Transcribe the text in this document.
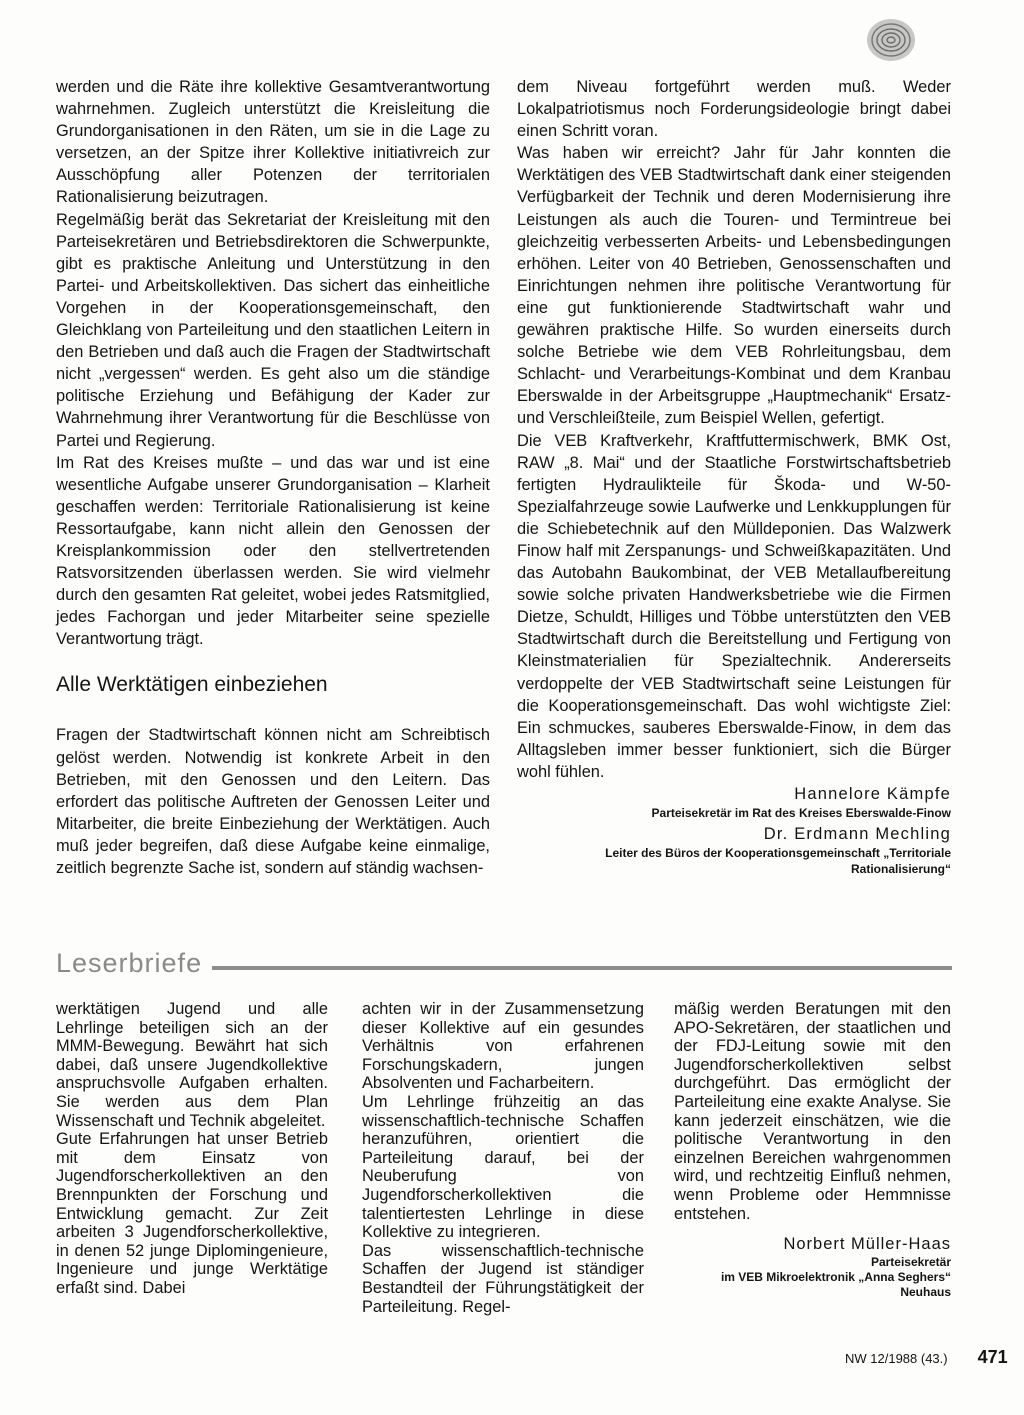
werden und die Räte ihre kollektive Gesamtverantwortung wahrnehmen. Zugleich unterstützt die Kreisleitung die Grundorganisationen in den Räten, um sie in die Lage zu versetzen, an der Spitze ihrer Kollektive initiativreich zur Ausschöpfung aller Potenzen der territorialen Rationalisierung beizutragen.

Regelmäßig berät das Sekretariat der Kreisleitung mit den Parteisekretären und Betriebsdirektoren die Schwerpunkte, gibt es praktische Anleitung und Unterstützung in den Partei- und Arbeitskollektiven. Das sichert das einheitliche Vorgehen in der Kooperationsgemeinschaft, den Gleichklang von Parteileitung und den staatlichen Leitern in den Betrieben und daß auch die Fragen der Stadtwirtschaft nicht „vergessen“ werden. Es geht also um die ständige politische Erziehung und Befähigung der Kader zur Wahrnehmung ihrer Verantwortung für die Beschlüsse von Partei und Regierung.

Im Rat des Kreises mußte – und das war und ist eine wesentliche Aufgabe unserer Grundorganisation – Klarheit geschaffen werden: Territoriale Rationalisierung ist keine Ressortaufgabe, kann nicht allein den Genossen der Kreisplankommission oder den stellvertretenden Ratsvorsitzenden überlassen werden. Sie wird vielmehr durch den gesamten Rat geleitet, wobei jedes Ratsmitglied, jedes Fachorgan und jeder Mitarbeiter seine spezielle Verantwortung trägt.

Alle Werktätigen einbeziehen

Fragen der Stadtwirtschaft können nicht am Schreibtisch gelöst werden. Notwendig ist konkrete Arbeit in den Betrieben, mit den Genossen und den Leitern. Das erfordert das politische Auftreten der Genossen Leiter und Mitarbeiter, die breite Einbeziehung der Werktätigen. Auch muß jeder begreifen, daß diese Aufgabe keine einmalige, zeitlich begrenzte Sache ist, sondern auf ständig wachsen-

dem Niveau fortgeführt werden muß. Weder Lokalpatriotismus noch Forderungsideologie bringt dabei einen Schritt voran.

Was haben wir erreicht? Jahr für Jahr konnten die Werktätigen des VEB Stadtwirtschaft dank einer steigenden Verfügbarkeit der Technik und deren Modernisierung ihre Leistungen als auch die Touren- und Termintreue bei gleichzeitig verbesserten Arbeits- und Lebensbedingungen erhöhen. Leiter von 40 Betrieben, Genossenschaften und Einrichtungen nehmen ihre politische Verantwortung für eine gut funktionierende Stadtwirtschaft wahr und gewähren praktische Hilfe. So wurden einerseits durch solche Betriebe wie dem VEB Rohrleitungsbau, dem Schlacht- und Verarbeitungs-Kombinat und dem Kranbau Eberswalde in der Arbeitsgruppe „Hauptmechanik“ Ersatz- und Verschleißteile, zum Beispiel Wellen, gefertigt.

Die VEB Kraftverkehr, Kraftfuttermischwerk, BMK Ost, RAW „8. Mai“ und der Staatliche Forstwirtschaftsbetrieb fertigten Hydraulikteile für Škoda- und W-50-Spezialfahrzeuge sowie Laufwerke und Lenkkupplungen für die Schiebetechnik auf den Mülldeponien. Das Walzwerk Finow half mit Zerspanungs- und Schweißkapazitäten. Und das Autobahn Baukombinat, der VEB Metallaufbereitung sowie solche privaten Handwerksbetriebe wie die Firmen Dietze, Schuldt, Hilliges und Többe unterstützten den VEB Stadtwirtschaft durch die Bereitstellung und Fertigung von Kleinstmaterialien für Spezialtechnik. Andererseits verdoppelte der VEB Stadtwirtschaft seine Leistungen für die Kooperationsgemeinschaft. Das wohl wichtigste Ziel: Ein schmuckes, sauberes Eberswalde-Finow, in dem das Alltagsleben immer besser funktioniert, sich die Bürger wohl fühlen.

Hannelore Kämpfe
Parteisekretär im Rat des Kreises Eberswalde-Finow
Dr. Erdmann Mechling
Leiter des Büros der Kooperationsgemeinschaft „Territoriale Rationalisierung“
Leserbriefe

werktätigen Jugend und alle Lehrlinge beteiligen sich an der MMM-Bewegung. Bewährt hat sich dabei, daß unsere Jugendkollektive anspruchsvolle Aufgaben erhalten. Sie werden aus dem Plan Wissenschaft und Technik abgeleitet.

Gute Erfahrungen hat unser Betrieb mit dem Einsatz von Jugendforscherkollektiven an den Brennpunkten der Forschung und Entwicklung gemacht. Zur Zeit arbeiten 3 Jugendforscherkollektive, in denen 52 junge Diplomingenieure, Ingenieure und junge Werktätige erfaßt sind. Dabei

achten wir in der Zusammensetzung dieser Kollektive auf ein gesundes Verhältnis von erfahrenen Forschungskadern, jungen Absolventen und Facharbeitern.

Um Lehrlinge frühzeitig an das wissenschaftlich-technische Schaffen heranzuführen, orientiert die Parteileitung darauf, bei der Neuberufung von Jugendforscherkollektiven die talentiertesten Lehrlinge in diese Kollektive zu integrieren.

Das wissenschaftlich-technische Schaffen der Jugend ist ständiger Bestandteil der Führungstätigkeit der Parteileitung. Regel-

mäßig werden Beratungen mit den APO-Sekretären, der staatlichen und der FDJ-Leitung sowie mit den Jugendforscherkollektiven selbst durchgeführt. Das ermöglicht der Parteileitung eine exakte Analyse. Sie kann jederzeit einschätzen, wie die politische Verantwortung in den einzelnen Bereichen wahrgenommen wird, und rechtzeitig Einfluß nehmen, wenn Probleme oder Hemmnisse entstehen.

Norbert Müller-Haas
Parteisekretär
im VEB Mikroelektronik „Anna Seghers“
Neuhaus
NW 12/1988 (43.) 471
